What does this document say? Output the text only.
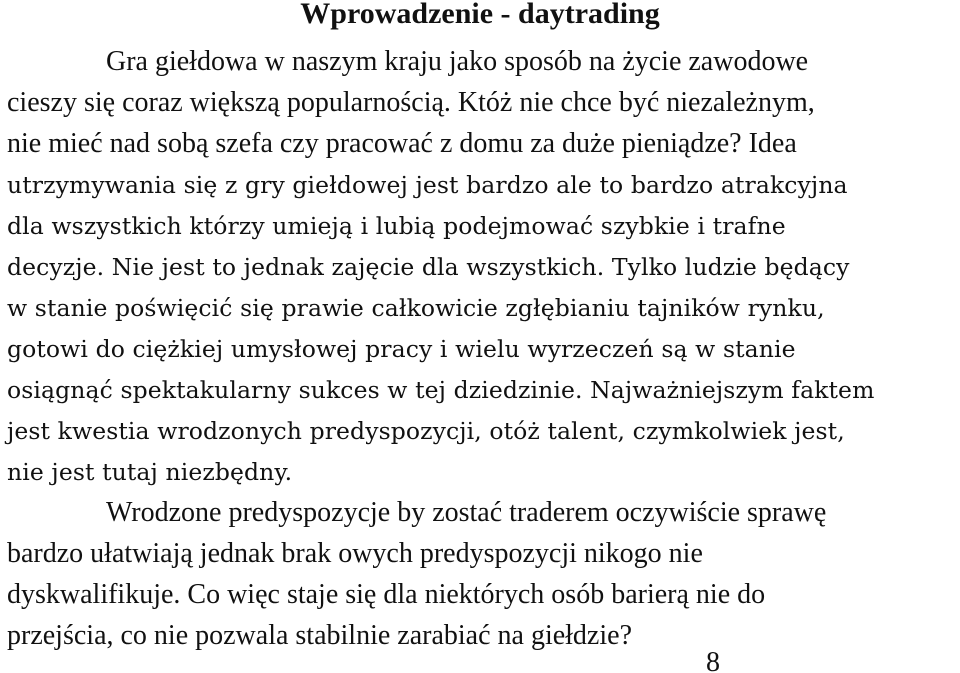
Wprowadzenie - daytrading

Gra giełdowa w naszym kraju jako sposób na życie zawodowe

cieszy się coraz większą popularnością. Któż nie chce być niezależnym,

nie mieć nad sobą szefa czy pracować z domu za duże pieniądze? Idea

utrzymywania się z gry giełdowej jest bardzo ale to bardzo atrakcyjna

dla wszystkich którzy umieją i lubią podejmować szybkie i trafne

decyzje. Nie jest to jednak zajęcie dla wszystkich. Tylko ludzie będący

w stanie poświęcić się prawie całkowicie zgłębianiu tajników rynku,

gotowi do ciężkiej umysłowej pracy i wielu wyrzeczeń są w stanie

osiągnąć spektakularny sukces w tej dziedzinie. Najważniejszym faktem

jest kwestia wrodzonych predyspozycji, otóż talent, czymkolwiek jest,

nie jest tutaj niezbędny.

Wrodzone predyspozycje by zostać traderem oczywiście sprawę

bardzo ułatwiają jednak brak owych predyspozycji nikogo nie

dyskwalifikuje. Co więc staje się dla niektórych osób barierą nie do

przejścia, co nie pozwala stabilnie zarabiać na giełdzie?

8
